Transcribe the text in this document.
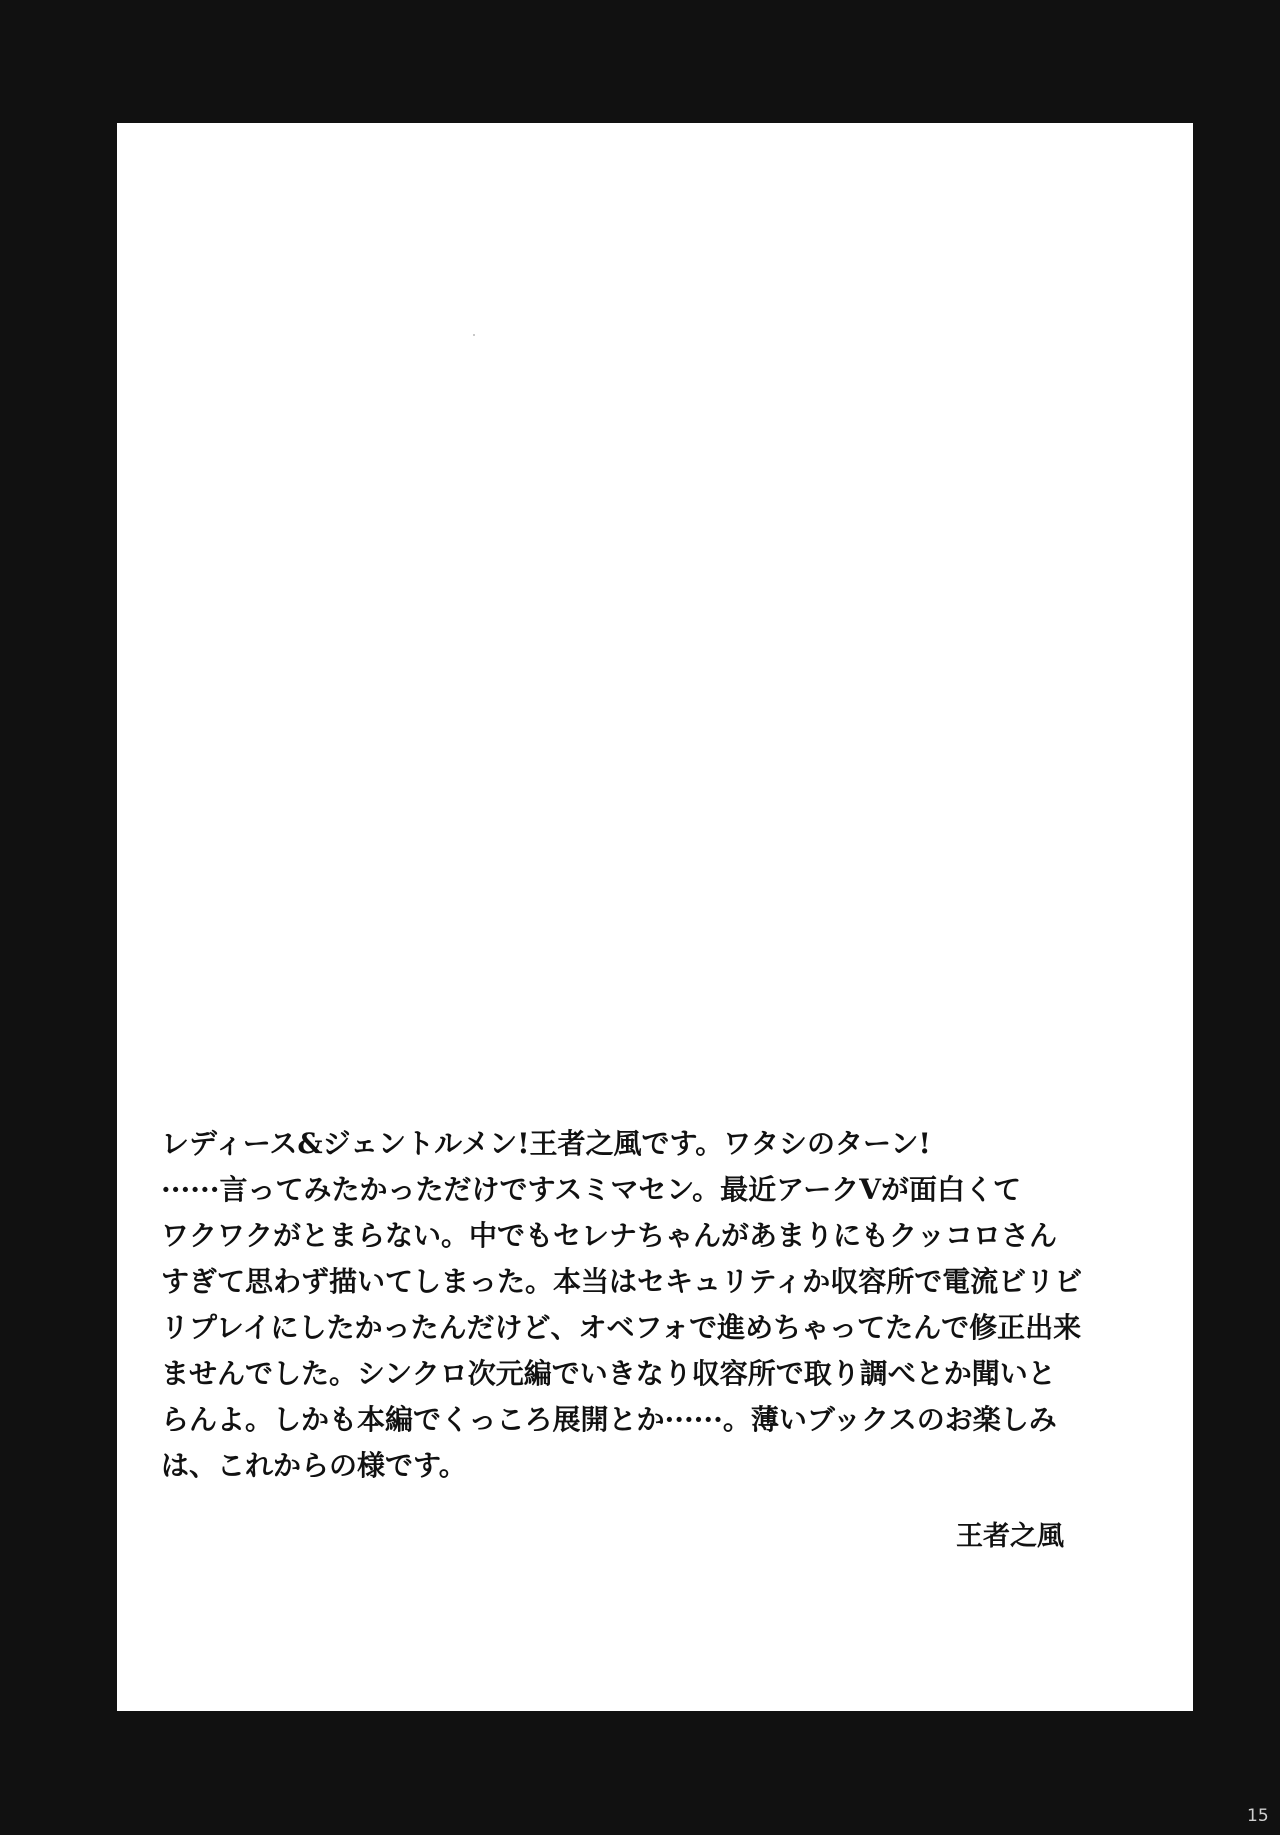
レディース&ジェントルメン!王者之風です。ワタシのターン!
······言ってみたかっただけですスミマセン。最近アークVが面白くて
ワクワクがとまらない。中でもセレナちゃんがあまりにもクッコロさん
すぎて思わず描いてしまった。本当はセキュリティか収容所で電流ビリビ
リプレイにしたかったんだけど、オベフォで進めちゃってたんで修正出来
ませんでした。シンクロ次元編でいきなり収容所で取り調べとか聞いと
らんよ。しかも本編でくっころ展開とか······。薄いブックスのお楽しみ
は、これからの様です。
王者之風
15
